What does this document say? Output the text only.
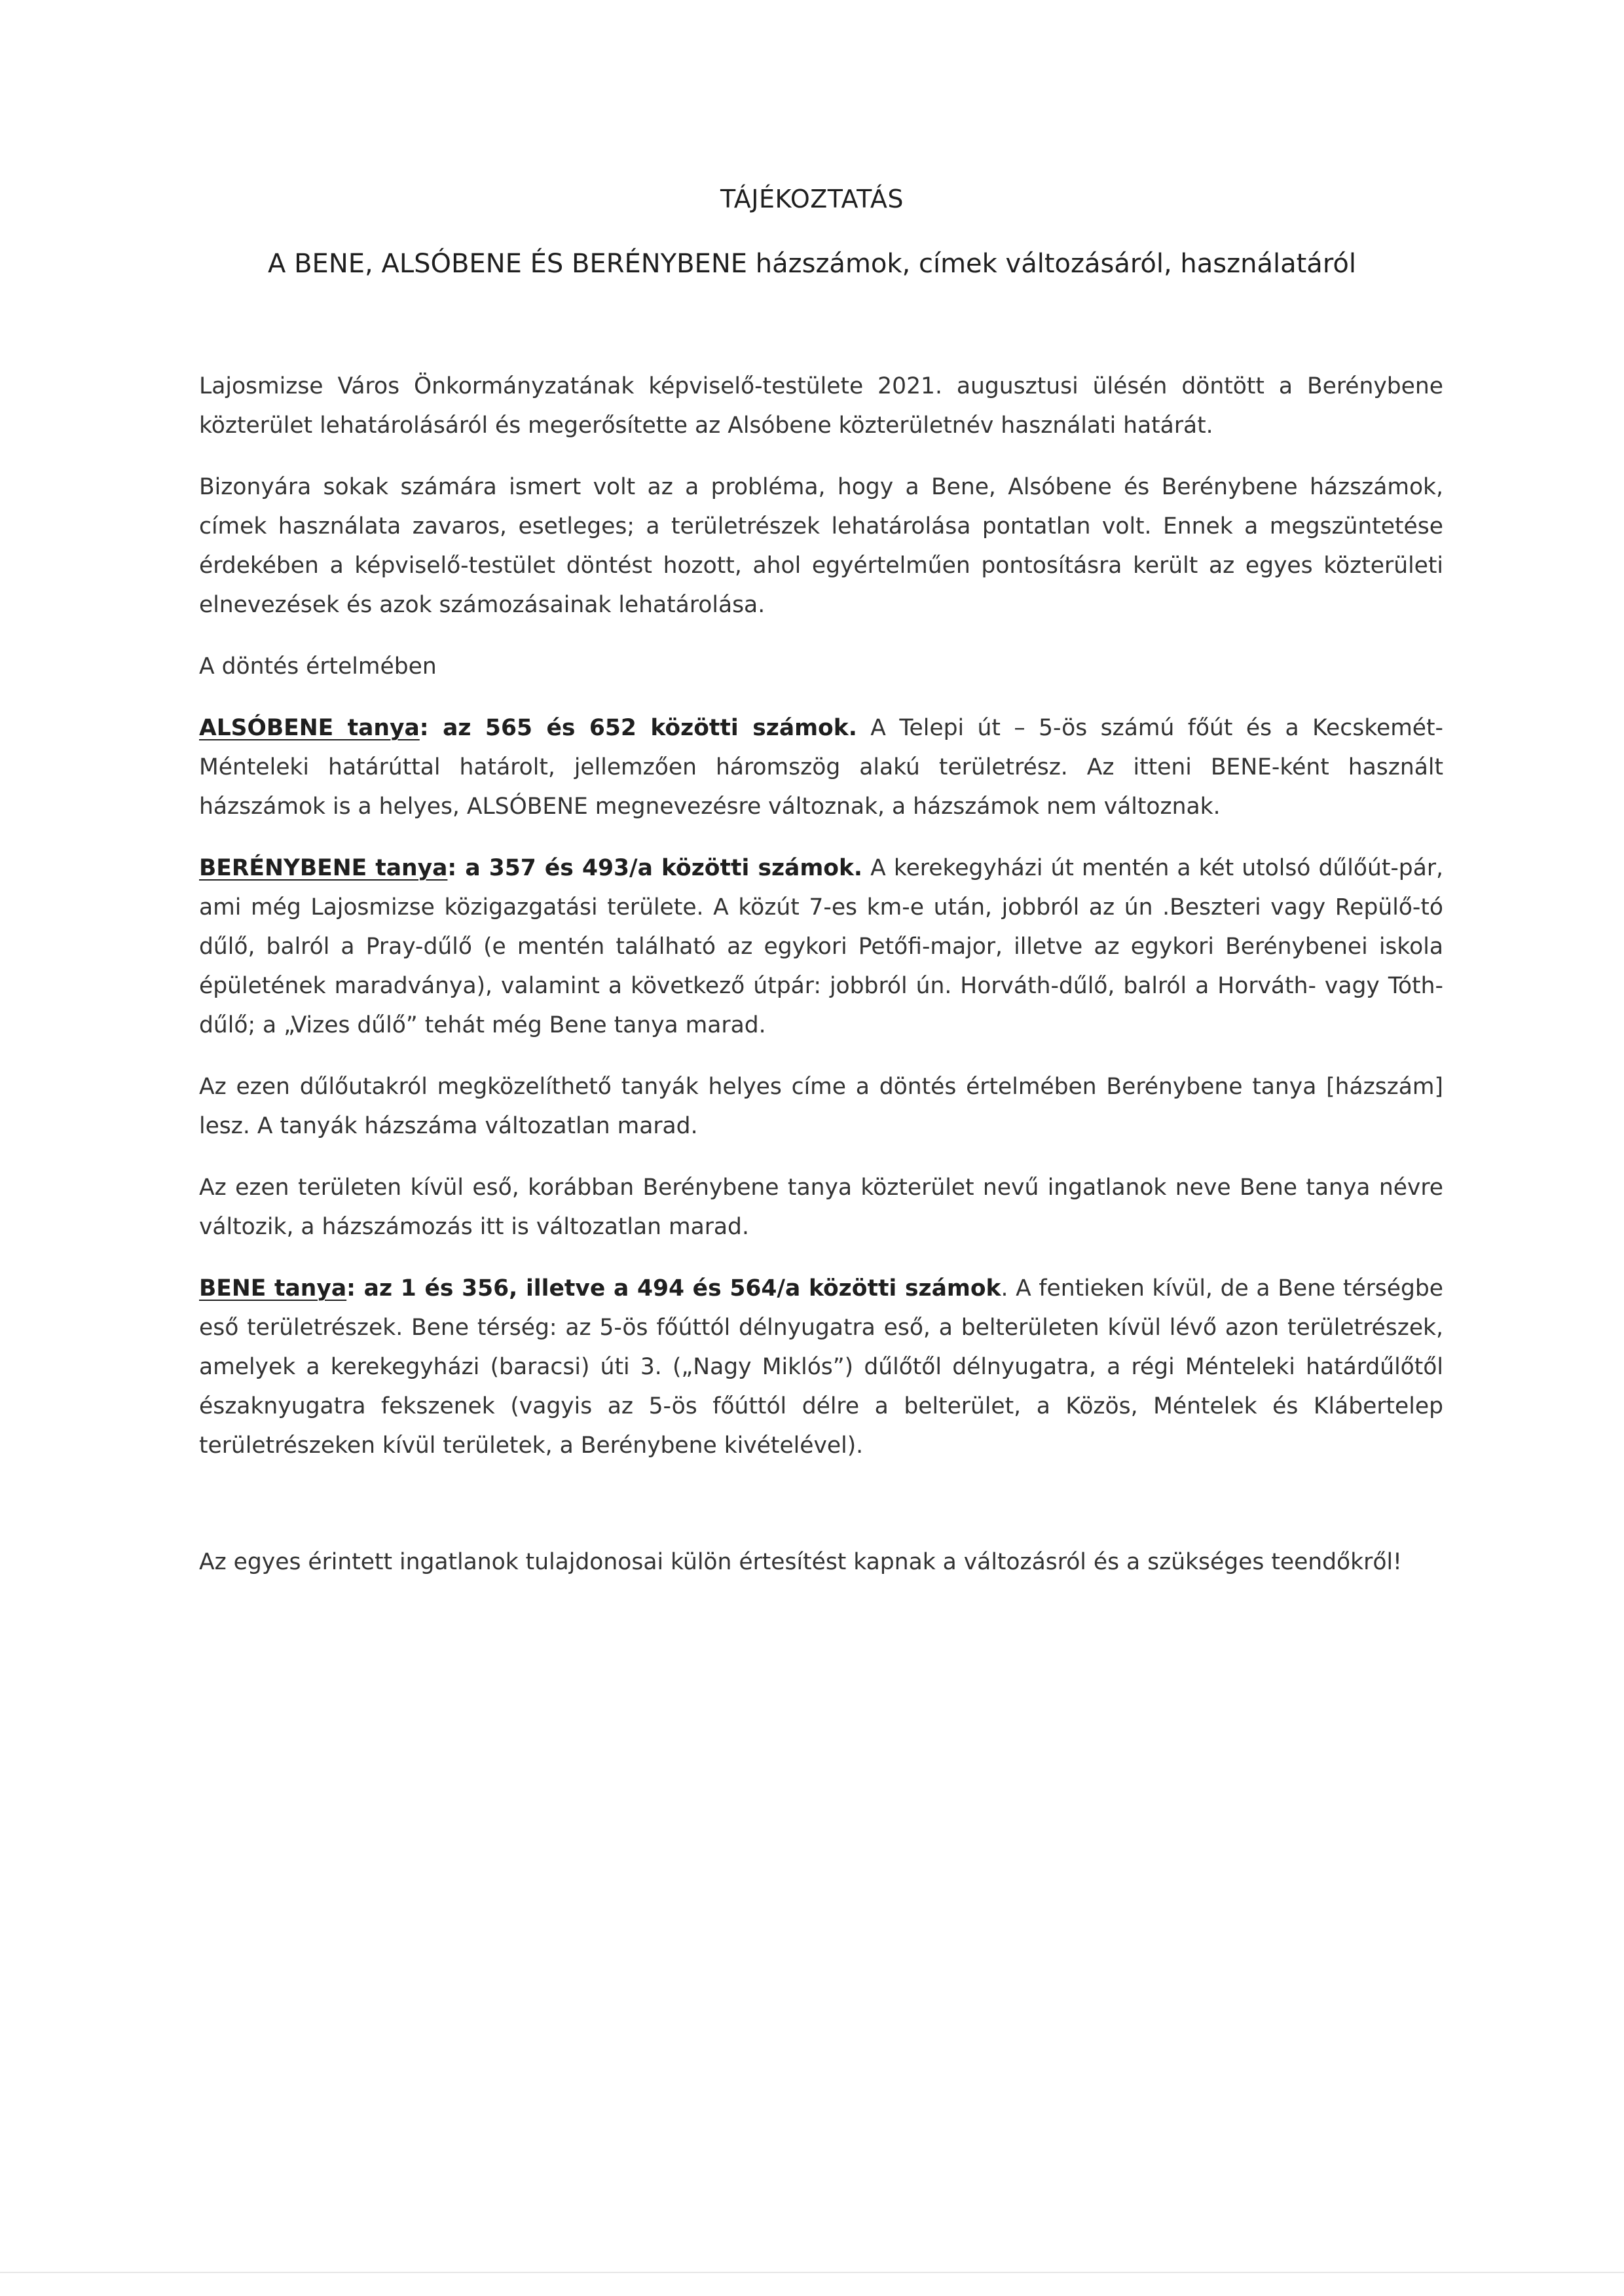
TÁJÉKOZTATÁS
A BENE, ALSÓBENE ÉS BERÉNYBENE házszámok, címek változásáról, használatáról

Lajosmizse Város Önkormányzatának képviselő-testülete 2021. augusztusi ülésén döntött a Berénybene közterület lehatárolásáról és megerősítette az Alsóbene közterületnév használati határát.

Bizonyára sokak számára ismert volt az a probléma, hogy a Bene, Alsóbene és Berénybene házszámok, címek használata zavaros, esetleges; a területrészek lehatárolása pontatlan volt. Ennek a megszüntetése érdekében a képviselő-testület döntést hozott, ahol egyértelműen pontosításra került az egyes közterületi elnevezések és azok számozásainak lehatárolása.

A döntés értelmében

ALSÓBENE tanya: az 565 és 652 közötti számok. A Telepi út – 5-ös számú főút és a Kecskemét-Ménteleki határúttal határolt, jellemzően háromszög alakú területrész. Az itteni BENE-ként használt házszámok is a helyes, ALSÓBENE megnevezésre változnak, a házszámok nem változnak.

BERÉNYBENE tanya: a 357 és 493/a közötti számok. A kerekegyházi út mentén a két utolsó dűlőút-pár, ami még Lajosmizse közigazgatási területe. A közút 7-es km-e után, jobbról az ún .Beszteri vagy Repülő-tó dűlő, balról a Pray-dűlő (e mentén található az egykori Petőfi-major, illetve az egykori Berénybenei iskola épületének maradványa), valamint a következő útpár: jobbról ún. Horváth-dűlő, balról a Horváth- vagy Tóth-dűlő; a „Vizes dűlő” tehát még Bene tanya marad.

Az ezen dűlőutakról megközelíthető tanyák helyes címe a döntés értelmében Berénybene tanya [házszám] lesz. A tanyák házszáma változatlan marad.

Az ezen területen kívül eső, korábban Berénybene tanya közterület nevű ingatlanok neve Bene tanya névre változik, a házszámozás itt is változatlan marad.

BENE tanya: az 1 és 356, illetve a 494 és 564/a közötti számok. A fentieken kívül, de a Bene térségbe eső területrészek. Bene térség: az 5-ös főúttól délnyugatra eső, a belterületen kívül lévő azon területrészek, amelyek a kerekegyházi (baracsi) úti 3. („Nagy Miklós”) dűlőtől délnyugatra, a régi Ménteleki határdűlőtől északnyugatra fekszenek (vagyis az 5-ös főúttól délre a belterület, a Közös, Méntelek és Klábertelep területrészeken kívül területek, a Berénybene kivételével).

Az egyes érintett ingatlanok tulajdonosai külön értesítést kapnak a változásról és a szükséges teendőkről!
